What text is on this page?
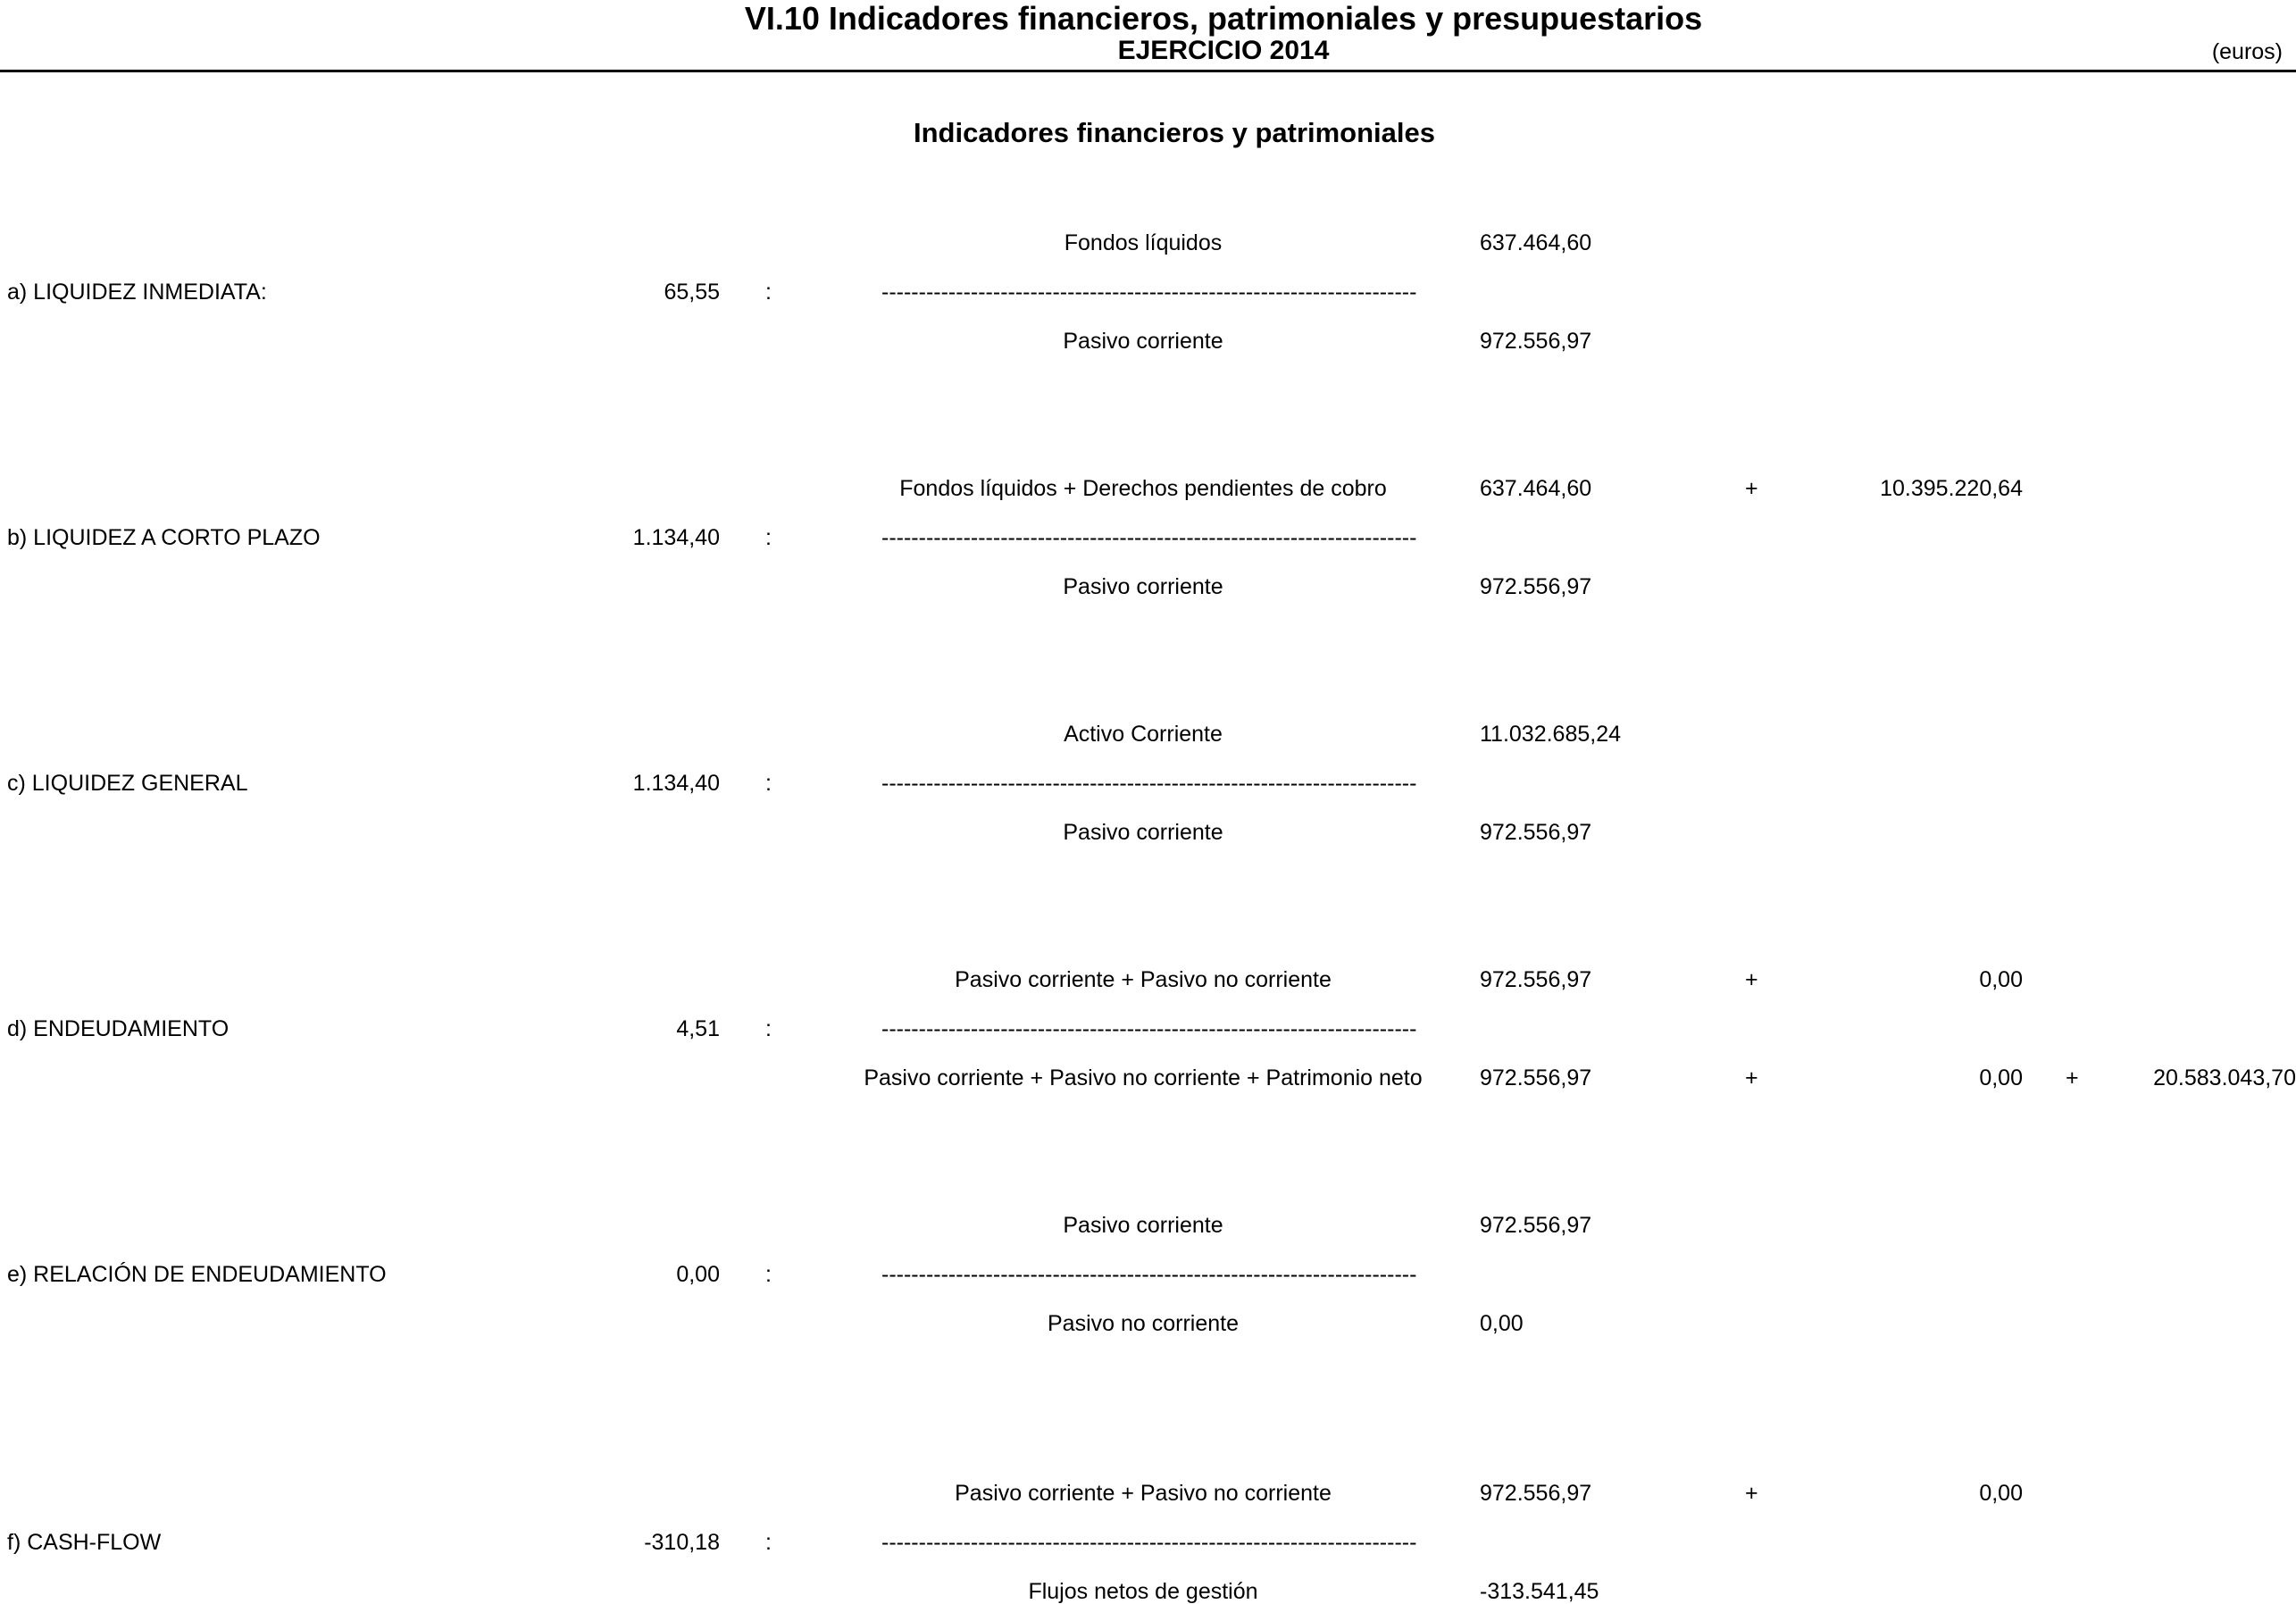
VI.10 Indicadores financieros, patrimoniales y presupuestarios
EJERCICIO 2014	(euros)
Indicadores financieros y patrimoniales
Fondos líquidos	637.464,60
a) LIQUIDEZ INMEDIATA:	65,55 :	------------------------------------------------------------------------
Pasivo corriente	972.556,97
Fondos líquidos + Derechos pendientes de cobro	637.464,60	+	10.395.220,64
b) LIQUIDEZ A CORTO PLAZO	1.134,40 :	------------------------------------------------------------------------
Pasivo corriente	972.556,97
Activo Corriente	11.032.685,24
c) LIQUIDEZ GENERAL	1.134,40 :	------------------------------------------------------------------------
Pasivo corriente	972.556,97
Pasivo corriente + Pasivo no corriente	972.556,97	+	0,00
d) ENDEUDAMIENTO	4,51 :	------------------------------------------------------------------------
Pasivo corriente + Pasivo no corriente + Patrimonio neto	972.556,97	+	0,00 +	20.583.043,70
Pasivo corriente	972.556,97
e) RELACIÓN DE ENDEUDAMIENTO	0,00 :	------------------------------------------------------------------------
Pasivo no corriente	0,00
Pasivo corriente + Pasivo no corriente	972.556,97	+	0,00
f) CASH-FLOW	-310,18 :	------------------------------------------------------------------------
Flujos netos de gestión	-313.541,45
